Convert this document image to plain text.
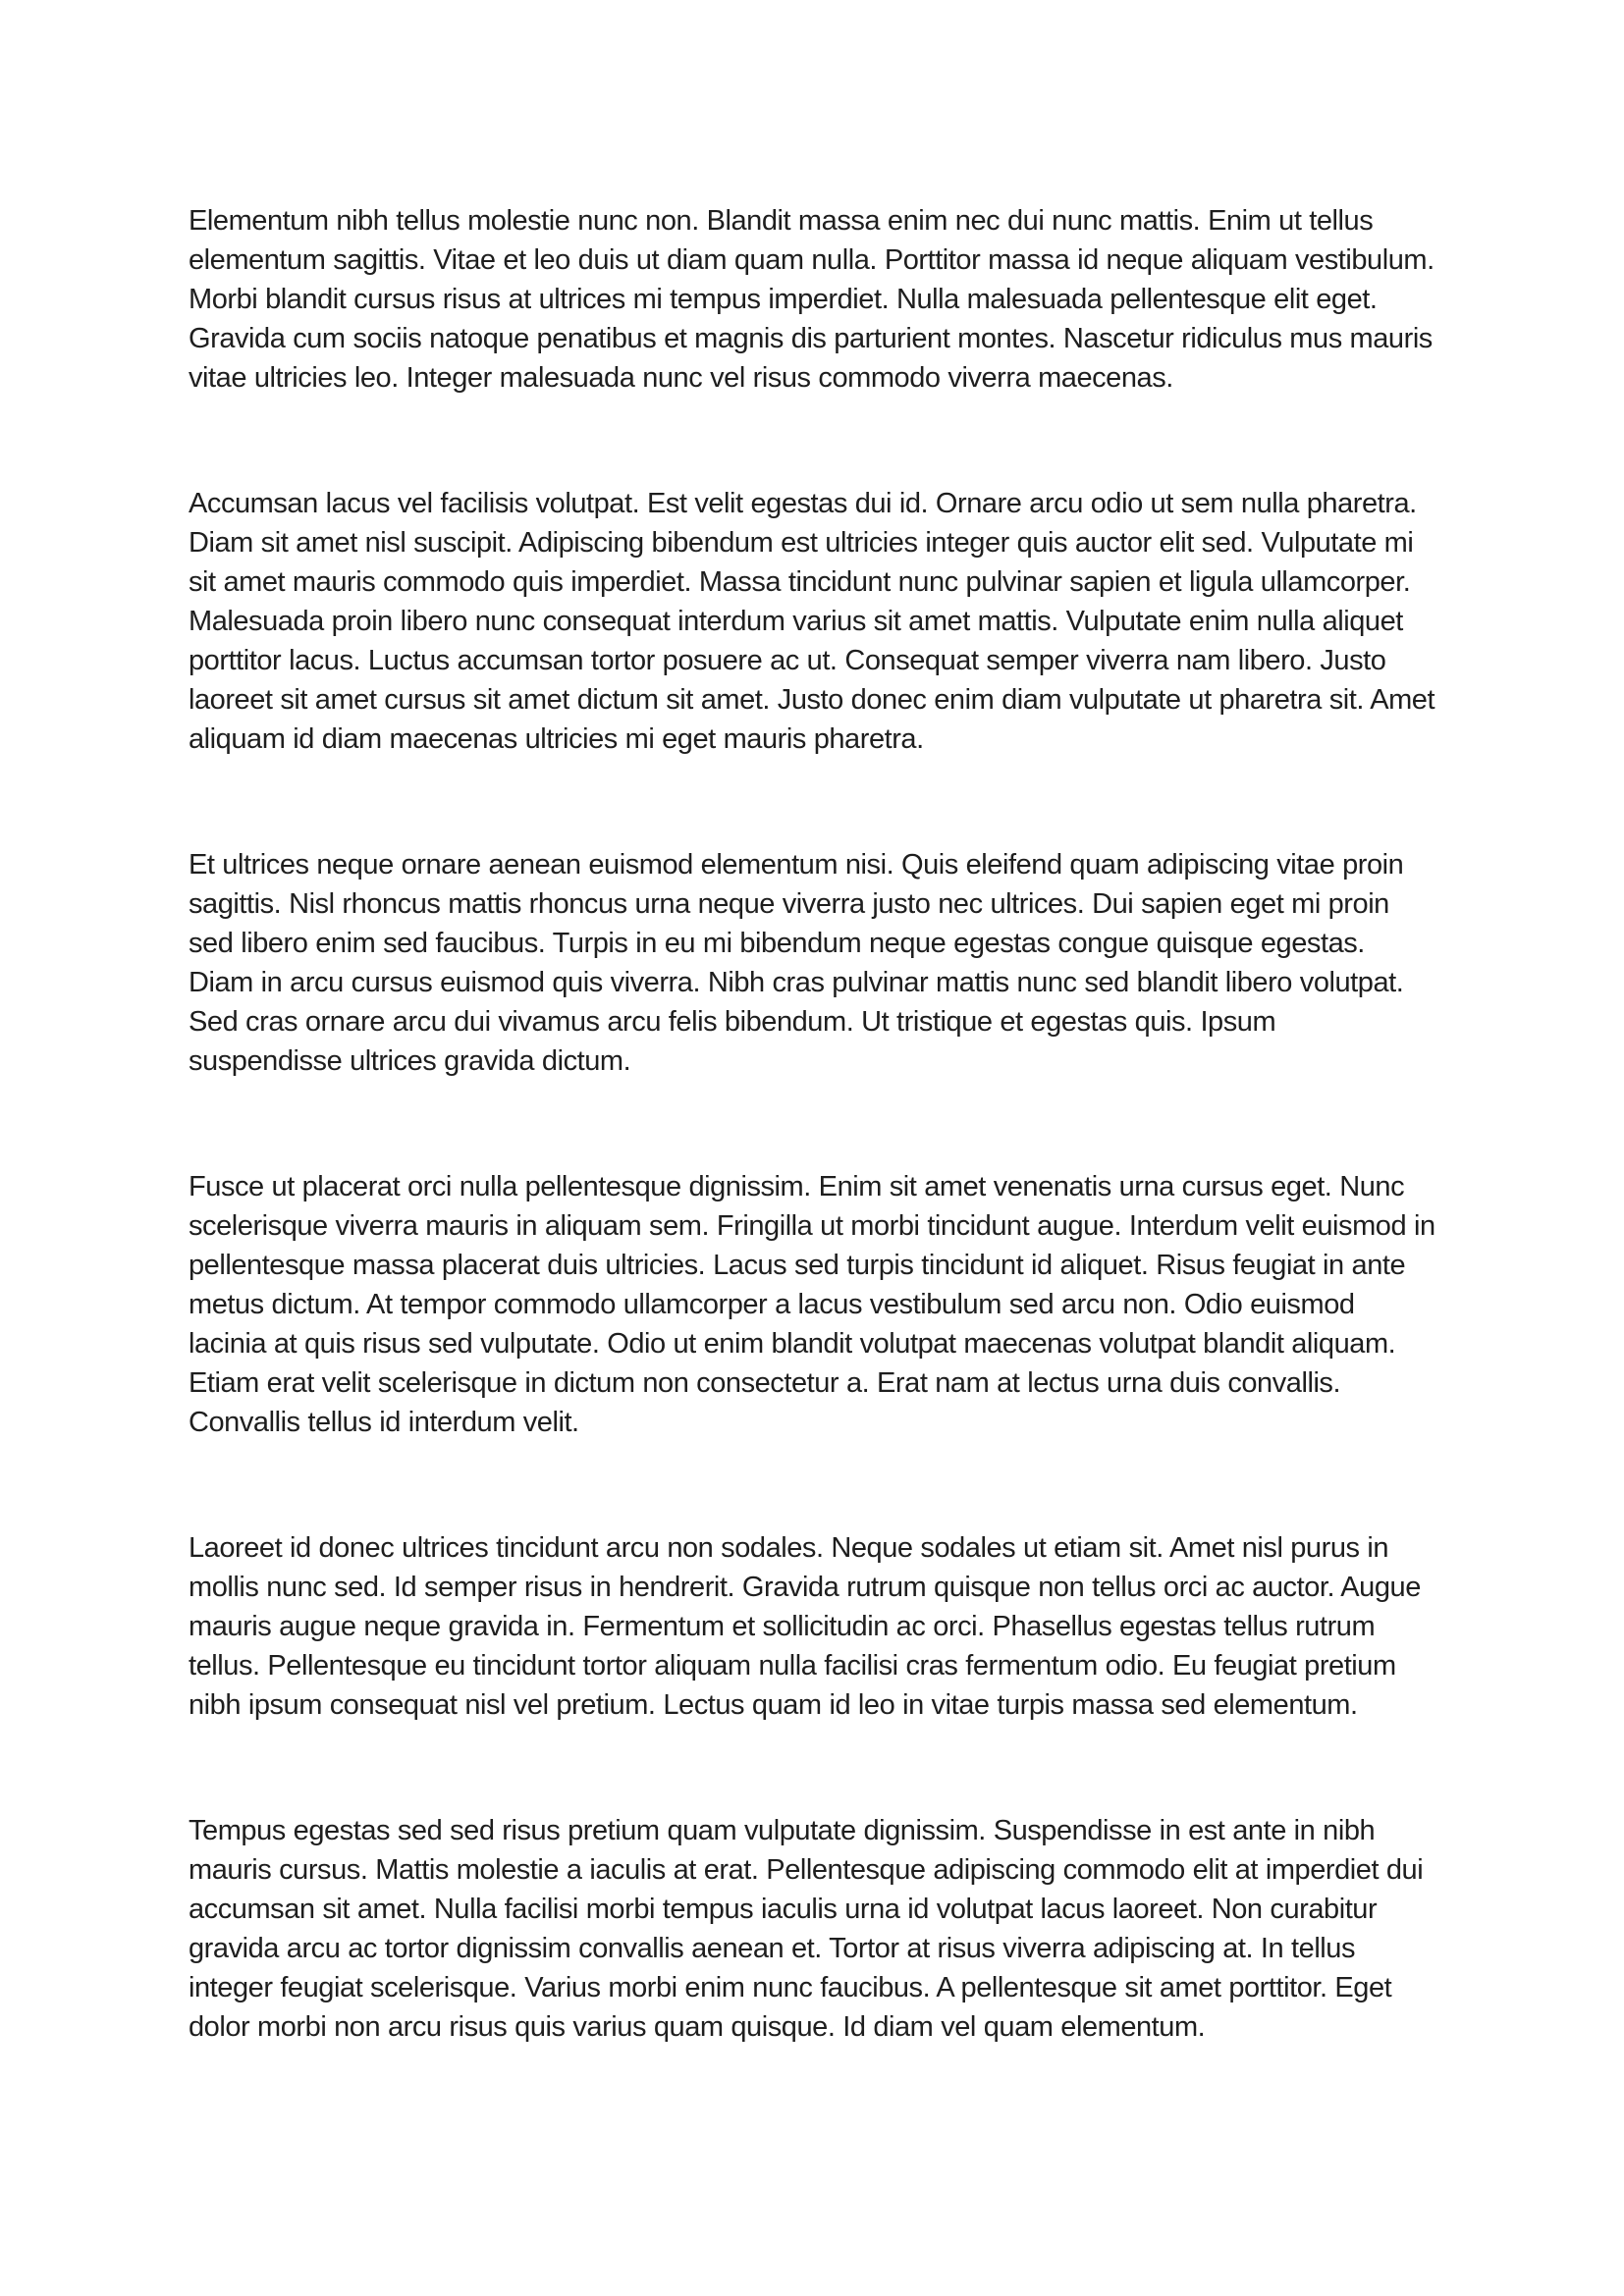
Elementum nibh tellus molestie nunc non. Blandit massa enim nec dui nunc mattis. Enim ut tellus elementum sagittis. Vitae et leo duis ut diam quam nulla. Porttitor massa id neque aliquam vestibulum. Morbi blandit cursus risus at ultrices mi tempus imperdiet. Nulla malesuada pellentesque elit eget. Gravida cum sociis natoque penatibus et magnis dis parturient montes. Nascetur ridiculus mus mauris vitae ultricies leo. Integer malesuada nunc vel risus commodo viverra maecenas.

Accumsan lacus vel facilisis volutpat. Est velit egestas dui id. Ornare arcu odio ut sem nulla pharetra. Diam sit amet nisl suscipit. Adipiscing bibendum est ultricies integer quis auctor elit sed. Vulputate mi sit amet mauris commodo quis imperdiet. Massa tincidunt nunc pulvinar sapien et ligula ullamcorper. Malesuada proin libero nunc consequat interdum varius sit amet mattis. Vulputate enim nulla aliquet porttitor lacus. Luctus accumsan tortor posuere ac ut. Consequat semper viverra nam libero. Justo laoreet sit amet cursus sit amet dictum sit amet. Justo donec enim diam vulputate ut pharetra sit. Amet aliquam id diam maecenas ultricies mi eget mauris pharetra.

Et ultrices neque ornare aenean euismod elementum nisi. Quis eleifend quam adipiscing vitae proin sagittis. Nisl rhoncus mattis rhoncus urna neque viverra justo nec ultrices. Dui sapien eget mi proin sed libero enim sed faucibus. Turpis in eu mi bibendum neque egestas congue quisque egestas. Diam in arcu cursus euismod quis viverra. Nibh cras pulvinar mattis nunc sed blandit libero volutpat. Sed cras ornare arcu dui vivamus arcu felis bibendum. Ut tristique et egestas quis. Ipsum suspendisse ultrices gravida dictum.

Fusce ut placerat orci nulla pellentesque dignissim. Enim sit amet venenatis urna cursus eget. Nunc scelerisque viverra mauris in aliquam sem. Fringilla ut morbi tincidunt augue. Interdum velit euismod in pellentesque massa placerat duis ultricies. Lacus sed turpis tincidunt id aliquet. Risus feugiat in ante metus dictum. At tempor commodo ullamcorper a lacus vestibulum sed arcu non. Odio euismod lacinia at quis risus sed vulputate. Odio ut enim blandit volutpat maecenas volutpat blandit aliquam. Etiam erat velit scelerisque in dictum non consectetur a. Erat nam at lectus urna duis convallis. Convallis tellus id interdum velit.

Laoreet id donec ultrices tincidunt arcu non sodales. Neque sodales ut etiam sit. Amet nisl purus in mollis nunc sed. Id semper risus in hendrerit. Gravida rutrum quisque non tellus orci ac auctor. Augue mauris augue neque gravida in. Fermentum et sollicitudin ac orci. Phasellus egestas tellus rutrum tellus. Pellentesque eu tincidunt tortor aliquam nulla facilisi cras fermentum odio. Eu feugiat pretium nibh ipsum consequat nisl vel pretium. Lectus quam id leo in vitae turpis massa sed elementum.

Tempus egestas sed sed risus pretium quam vulputate dignissim. Suspendisse in est ante in nibh mauris cursus. Mattis molestie a iaculis at erat. Pellentesque adipiscing commodo elit at imperdiet dui accumsan sit amet. Nulla facilisi morbi tempus iaculis urna id volutpat lacus laoreet. Non curabitur gravida arcu ac tortor dignissim convallis aenean et. Tortor at risus viverra adipiscing at. In tellus integer feugiat scelerisque. Varius morbi enim nunc faucibus. A pellentesque sit amet porttitor. Eget dolor morbi non arcu risus quis varius quam quisque. Id diam vel quam elementum.
